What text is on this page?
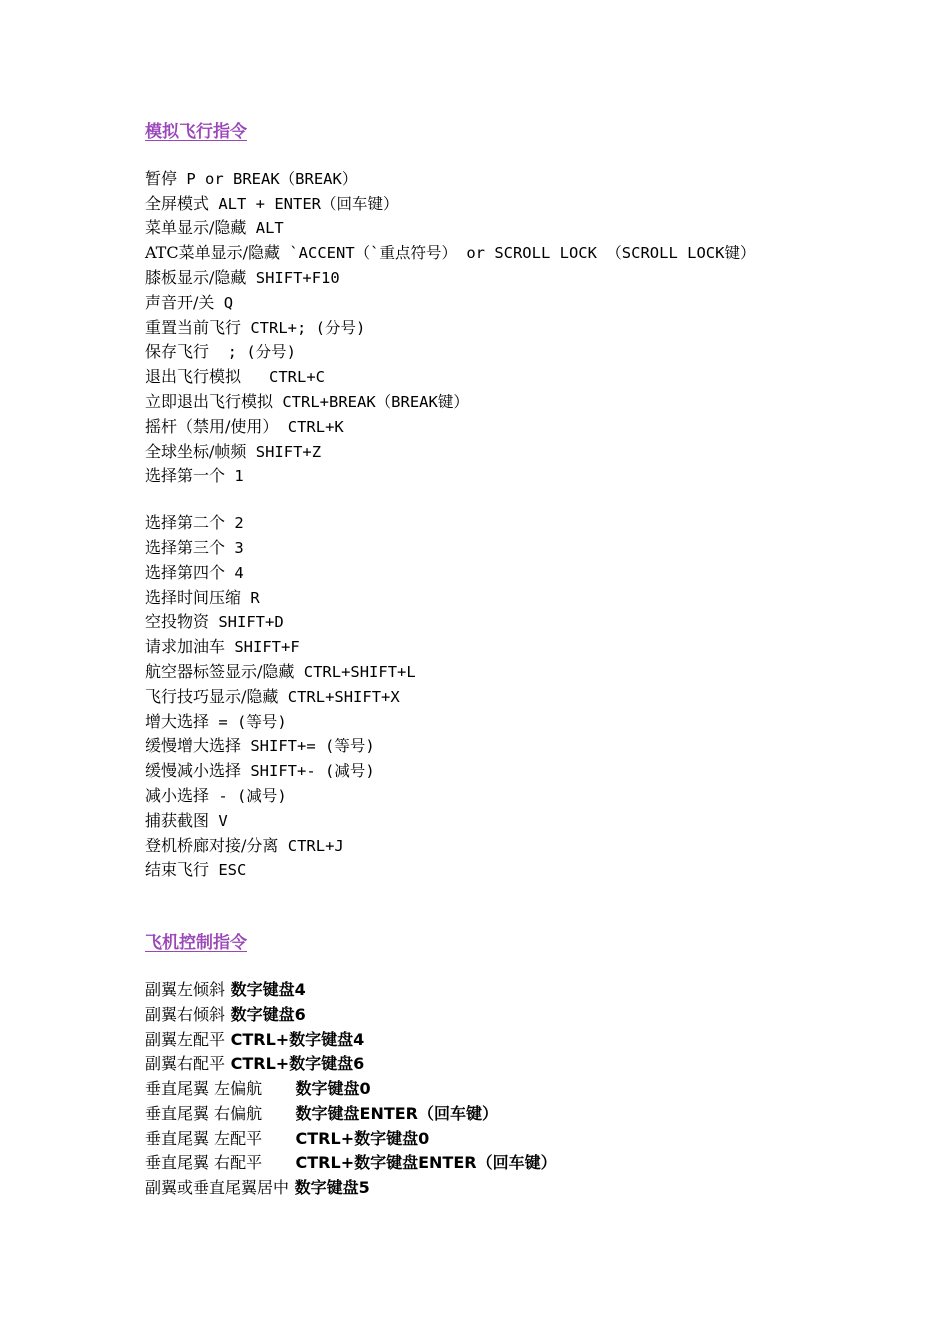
模拟飞行指令
暂停 P or BREAK（BREAK）
全屏模式 ALT + ENTER（回车键）
菜单显示/隐藏 ALT
ATC菜单显示/隐藏 `ACCENT（`重点符号） or SCROLL LOCK （SCROLL LOCK键）
膝板显示/隐藏 SHIFT+F10
声音开/关 Q
重置当前飞行 CTRL+; (分号)
保存飞行  ; (分号)
退出飞行模拟   CTRL+C
立即退出飞行模拟 CTRL+BREAK（BREAK键）
摇杆（禁用/使用） CTRL+K
全球坐标/帧频 SHIFT+Z
选择第一个 1
选择第二个 2
选择第三个 3
选择第四个 4
选择时间压缩 R
空投物资 SHIFT+D
请求加油车 SHIFT+F
航空器标签显示/隐藏 CTRL+SHIFT+L
飞行技巧显示/隐藏 CTRL+SHIFT+X
增大选择 = (等号)
缓慢增大选择 SHIFT+= (等号)
缓慢减小选择 SHIFT+- (减号)
减小选择 - (减号)
捕获截图 V
登机桥廊对接/分离 CTRL+J
结束飞行 ESC
飞机控制指令
副翼左倾斜 数字键盘4
副翼右倾斜 数字键盘6
副翼左配平 CTRL+数字键盘4
副翼右配平 CTRL+数字键盘6
垂直尾翼 左偏航      数字键盘0
垂直尾翼 右偏航      数字键盘ENTER（回车键）
垂直尾翼 左配平      CTRL+数字键盘0
垂直尾翼 右配平      CTRL+数字键盘ENTER（回车键）
副翼或垂直尾翼居中 数字键盘5
